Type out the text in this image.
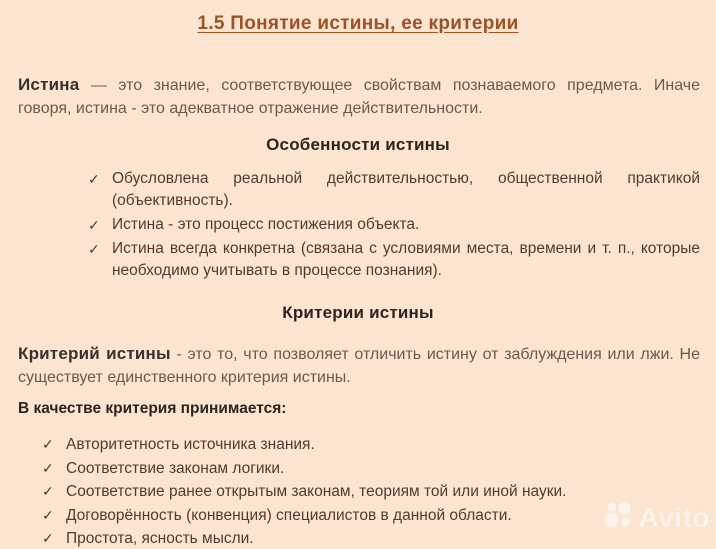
1.5 Понятие истины, ее критерии

Истина — это знание, соответствующее свойствам познаваемого предмета. Иначе говоря, истина - это адекватное отражение действительности.

Особенности истины
✓ Обусловлена реальной действительностью, общественной практикой (объективность).
✓ Истина - это процесс постижения объекта.
✓ Истина всегда конкретна (связана с условиями места, времени и т. п., которые необходимо учитывать в процессе познания).
Критерии истины

Критерий истины - это то, что позволяет отличить истину от заблуждения или лжи. Не существует единственного критерия истины.

В качестве критерия принимается:

✓ Авторитетность источника знания.
✓ Соответствие законам логики.
✓ Соответствие ранее открытым законам, теориям той или иной науки.
✓ Договорённость (конвенция) специалистов в данной области.
✓ Простота, ясность мысли.
Avito
